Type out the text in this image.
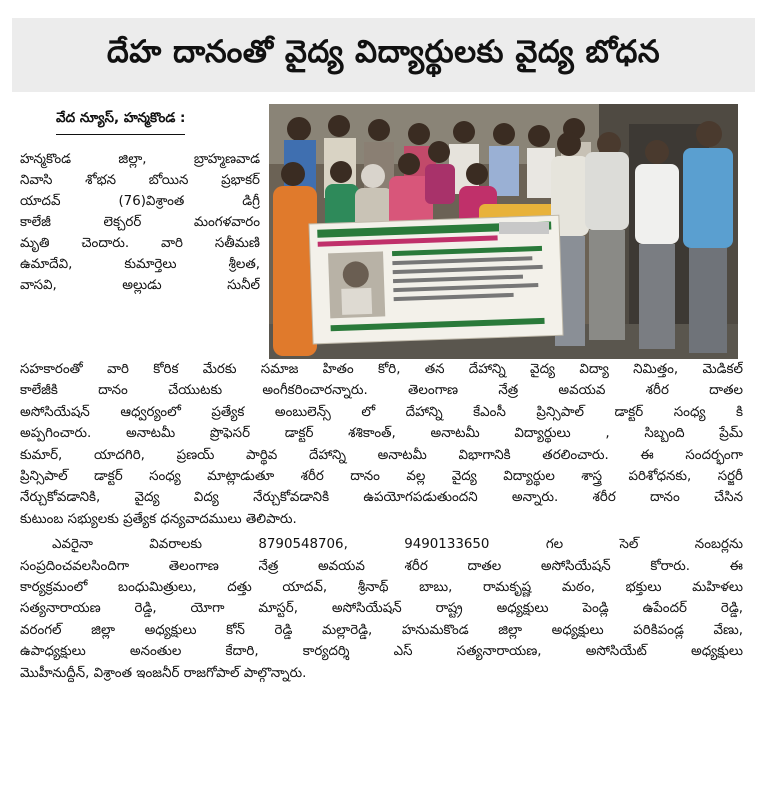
దేహ దానంతో వైద్య విద్యార్థులకు వైద్య బోధన
వేద న్యూస్, హన్మకొండ :
హన్మకొండ జిల్లా, బ్రాహ్మణవాడ
నివాసి శోభన బోయిన ప్రభాకర్
యాదవ్ (76)విశ్రాంత డిగ్రీ
కాలేజీ లెక్చరర్ మంగళవారం
మృతి చెందారు. వారి సతీమణి
ఉమాదేవి, కుమార్తెలు శ్రీలత,
వాసవి, అల్లుడు సునీల్
సహకారంతో వారి కోరిక మేరకు సమాజ హితం కోరి, తన దేహాన్ని వైద్య విద్యా నిమిత్తం, మెడికల్
కాలేజీకి దానం చేయుటకు అంగీకరించారన్నారు. తెలంగాణ నేత్ర అవయవ శరీర దాతల
అసోసియేషన్ ఆధ్వర్యంలో ప్రత్యేక అంబులెన్స్ లో దేహాన్ని కేఎంసీ ప్రిన్సిపాల్ డాక్టర్ సంధ్య కి
అప్పగించారు. అనాటమీ ప్రొఫెసర్ డాక్టర్ శశికాంత్, అనాటమీ విద్యార్థులు , సిబ్బంది ప్రేమ్
కుమార్, యాదగిరి, ప్రణయ్ పార్థివ దేహాన్ని అనాటమీ విభాగానికి తరలించారు. ఈ సందర్భంగా
ప్రిన్సిపాల్ డాక్టర్ సంధ్య మాట్లాడుతూ శరీర దానం వల్ల వైద్య విద్యార్థుల శాస్త్ర పరిశోధనకు, సర్జరీ
నేర్చుకోవడానికి, వైద్య విద్య నేర్చుకోవడానికి ఉపయోగపడుతుందని అన్నారు. శరీర దానం చేసిన
కుటుంబ సభ్యులకు ప్రత్యేక ధన్యవాదములు తెలిపారు.
ఎవరైనా వివరాలకు 8790548706, 9490133650 గల సెల్ నంబర్లను
సంప్రదించవలసిందిగా తెలంగాణ నేత్ర అవయవ శరీర దాతల అసోసియేషన్ కోరారు. ఈ
కార్యక్రమంలో బంధుమిత్రులు, దత్తు యాదవ్, శ్రీనాథ్ బాబు, రామకృష్ణ మఠం, భక్తులు మహిళలు
సత్యనారాయణ రెడ్డి, యోగా మాస్టర్, అసోసియేషన్ రాష్ట్ర అధ్యక్షులు పెండ్లి ఉపేందర్ రెడ్డి,
వరంగల్ జిల్లా అధ్యక్షులు కోన్ రెడ్డి మల్లారెడ్డి, హనుమకొండ జిల్లా అధ్యక్షులు పరికిపండ్ల వేణు,
ఉపాధ్యక్షులు అనంతుల కేదారి, కార్యదర్శి ఎస్ సత్యనారాయణ, అసోసియేట్ అధ్యక్షులు
మొహీనుద్దీన్, విశ్రాంత ఇంజనీర్ రాజగోపాల్ పాల్గొన్నారు.
